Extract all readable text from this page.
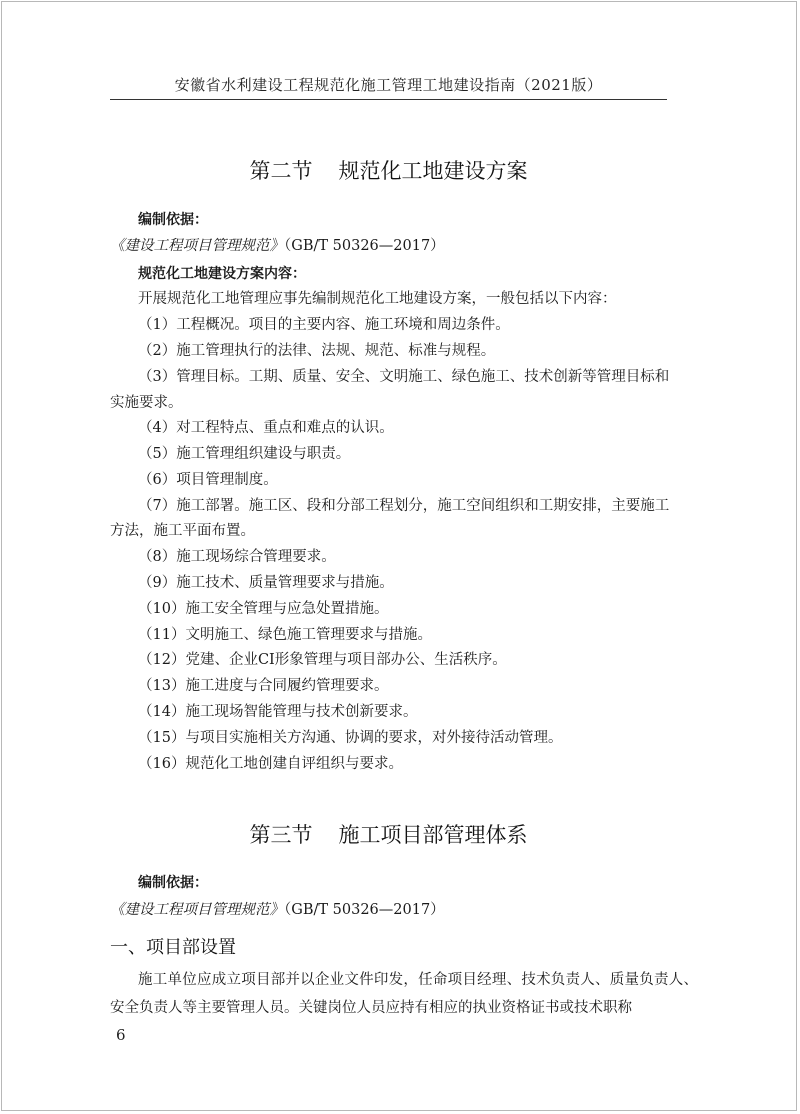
安徽省水利建设工程规范化施工管理工地建设指南（2021版）
第二节 规范化工地建设方案
编制依据：
《建设工程项目管理规范》（GB/T 50326—2017）
规范化工地建设方案内容：
开展规范化工地管理应事先编制规范化工地建设方案，一般包括以下内容：
（1）工程概况。项目的主要内容、施工环境和周边条件。
（2）施工管理执行的法律、法规、规范、标准与规程。
（3）管理目标。工期、质量、安全、文明施工、绿色施工、技术创新等管理目标和
实施要求。
（4）对工程特点、重点和难点的认识。
（5）施工管理组织建设与职责。
（6）项目管理制度。
（7）施工部署。施工区、段和分部工程划分，施工空间组织和工期安排，主要施工
方法，施工平面布置。
（8）施工现场综合管理要求。
（9）施工技术、质量管理要求与措施。
（10）施工安全管理与应急处置措施。
（11）文明施工、绿色施工管理要求与措施。
（12）党建、企业CI形象管理与项目部办公、生活秩序。
（13）施工进度与合同履约管理要求。
（14）施工现场智能管理与技术创新要求。
（15）与项目实施相关方沟通、协调的要求，对外接待活动管理。
（16）规范化工地创建自评组织与要求。
第三节 施工项目部管理体系
编制依据：
《建设工程项目管理规范》（GB/T 50326—2017）
一、项目部设置
施工单位应成立项目部并以企业文件印发，任命项目经理、技术负责人、质量负责人、安全负责人等主要管理人员。关键岗位人员应持有相应的执业资格证书或技术职称
6
